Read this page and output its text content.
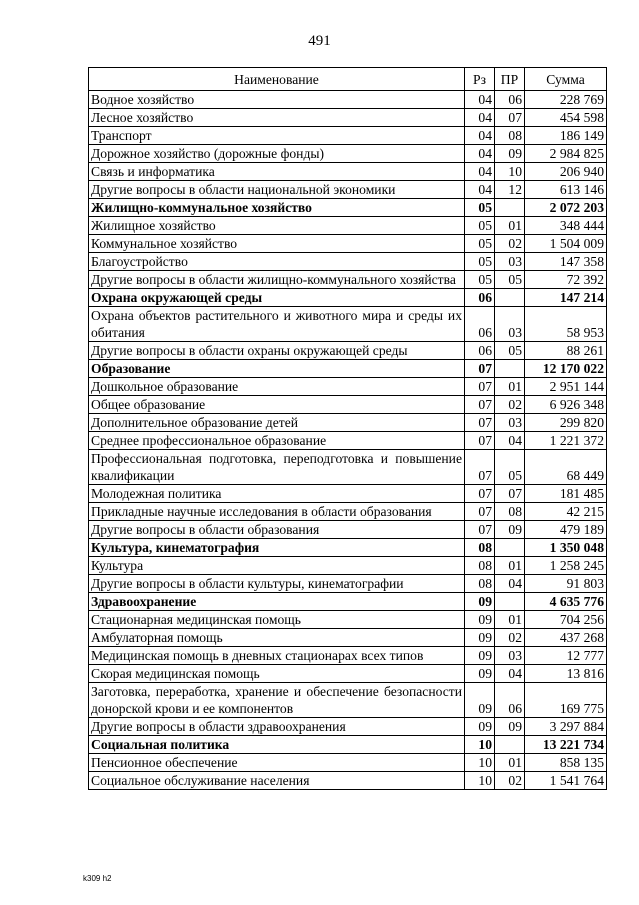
491
Наименование	Рз	ПР	Сумма
Водное хозяйство	04	06	228 769
Лесное хозяйство	04	07	454 598
Транспорт	04	08	186 149
Дорожное хозяйство (дорожные фонды)	04	09	2 984 825
Связь и информатика	04	10	206 940
Другие вопросы в области национальной экономики	04	12	613 146
Жилищно-коммунальное хозяйство	05		2 072 203
Жилищное хозяйство	05	01	348 444
Коммунальное хозяйство	05	02	1 504 009
Благоустройство	05	03	147 358
Другие вопросы в области жилищно-коммунального хозяйства	05	05	72 392
Охрана окружающей среды	06		147 214
Охрана объектов растительного и животного мира и среды их обитания	06	03	58 953
Другие вопросы в области охраны окружающей среды	06	05	88 261
Образование	07		12 170 022
Дошкольное образование	07	01	2 951 144
Общее образование	07	02	6 926 348
Дополнительное образование детей	07	03	299 820
Среднее профессиональное образование	07	04	1 221 372
Профессиональная подготовка, переподготовка и повышение квалификации	07	05	68 449
Молодежная политика	07	07	181 485
Прикладные научные исследования в области образования	07	08	42 215
Другие вопросы в области образования	07	09	479 189
Культура, кинематография	08		1 350 048
Культура	08	01	1 258 245
Другие вопросы в области культуры, кинематографии	08	04	91 803
Здравоохранение	09		4 635 776
Стационарная медицинская помощь	09	01	704 256
Амбулаторная помощь	09	02	437 268
Медицинская помощь в дневных стационарах всех типов	09	03	12 777
Скорая медицинская помощь	09	04	13 816
Заготовка, переработка, хранение и обеспечение безопасности донорской крови и ее компонентов	09	06	169 775
Другие вопросы в области здравоохранения	09	09	3 297 884
Социальная политика	10		13 221 734
Пенсионное обеспечение	10	01	858 135
Социальное обслуживание населения	10	02	1 541 764
k309 h2
